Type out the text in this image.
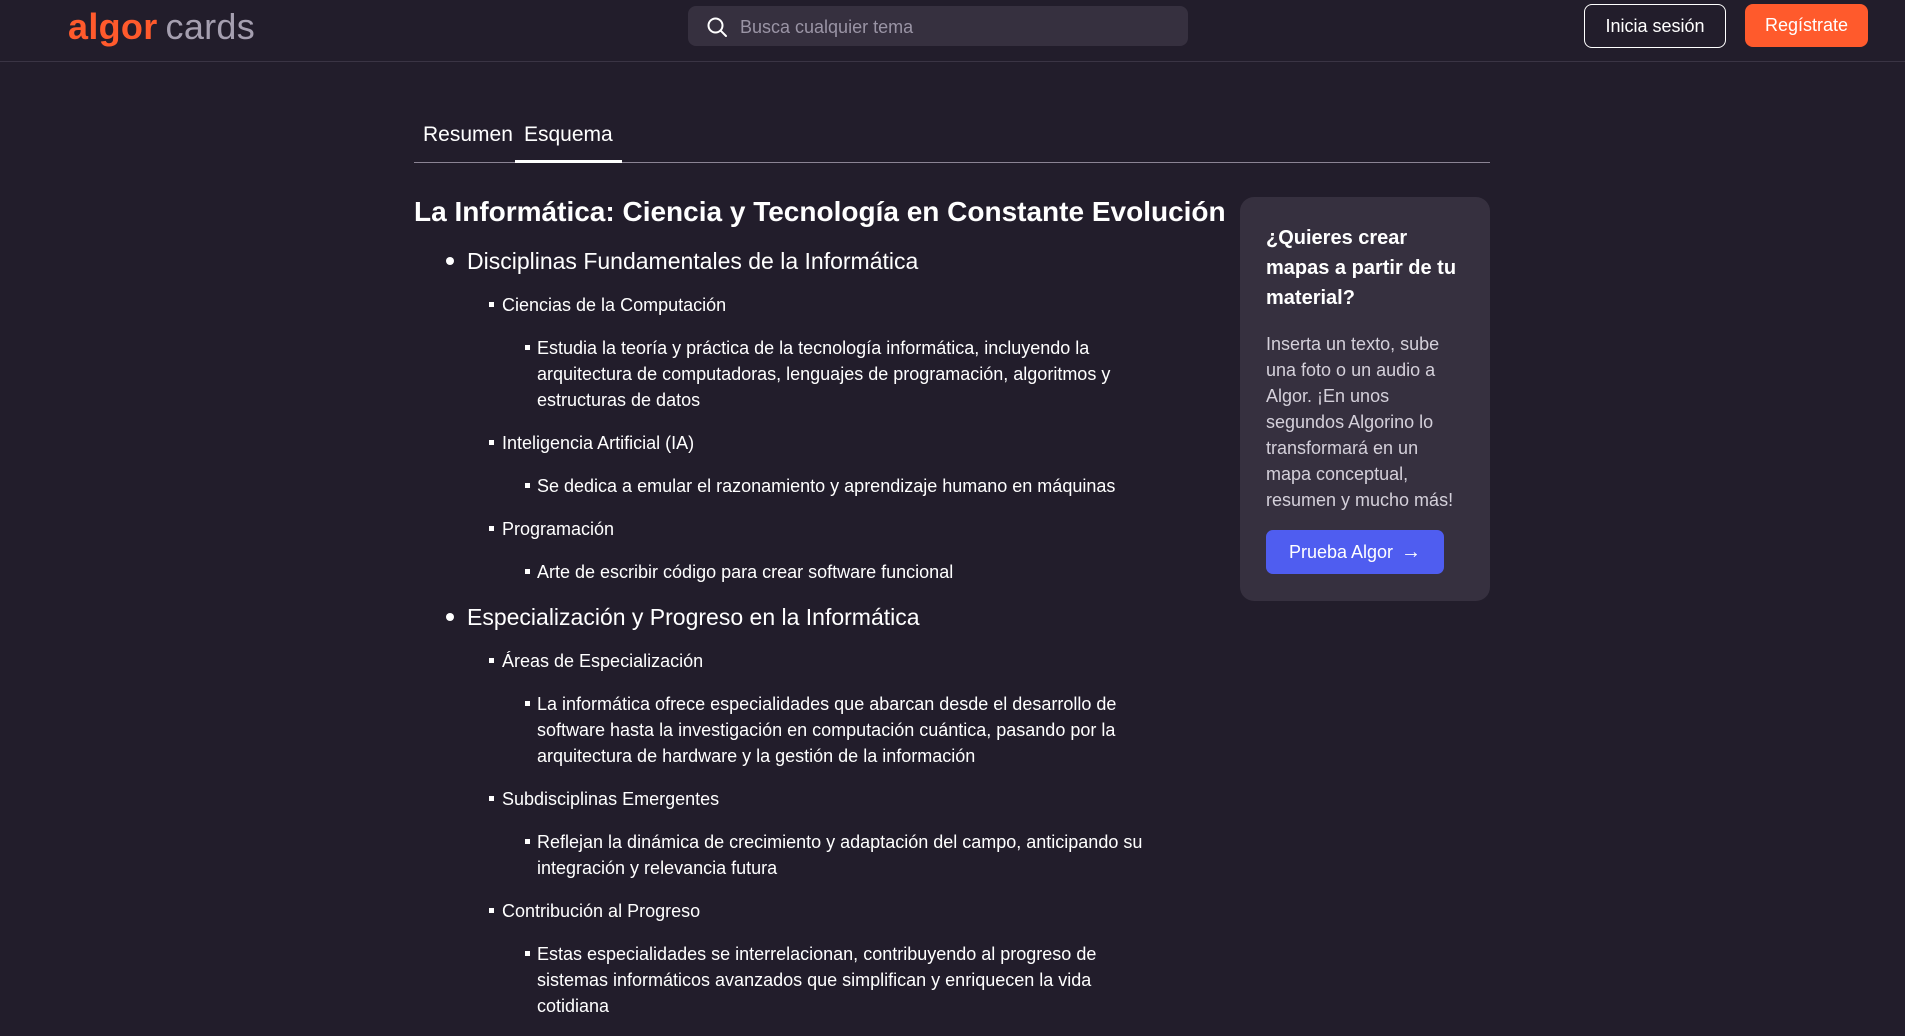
algor cards
Busca cualquier tema	Inicia sesión	Regístrate
Resumen Esquema
La Informática: Ciencia y Tecnología en Constante Evolución
Disciplinas Fundamentales de la Informática
Ciencias de la Computación
Estudia la teoría y práctica de la tecnología informática, incluyendo la arquitectura de computadoras, lenguajes de programación, algoritmos y estructuras de datos
Inteligencia Artificial (IA)
Se dedica a emular el razonamiento y aprendizaje humano en máquinas
Programación
Arte de escribir código para crear software funcional
Especialización y Progreso en la Informática
Áreas de Especialización
La informática ofrece especialidades que abarcan desde el desarrollo de software hasta la investigación en computación cuántica, pasando por la arquitectura de hardware y la gestión de la información
Subdisciplinas Emergentes
Reflejan la dinámica de crecimiento y adaptación del campo, anticipando su integración y relevancia futura
Contribución al Progreso
Estas especialidades se interrelacionan, contribuyendo al progreso de sistemas informáticos avanzados que simplifican y enriquecen la vida cotidiana
¿Quieres crear mapas a partir de tu material?
Inserta un texto, sube una foto o un audio a Algor. ¡En unos segundos Algorino lo transformará en un mapa conceptual, resumen y mucho más!
Prueba Algor →
